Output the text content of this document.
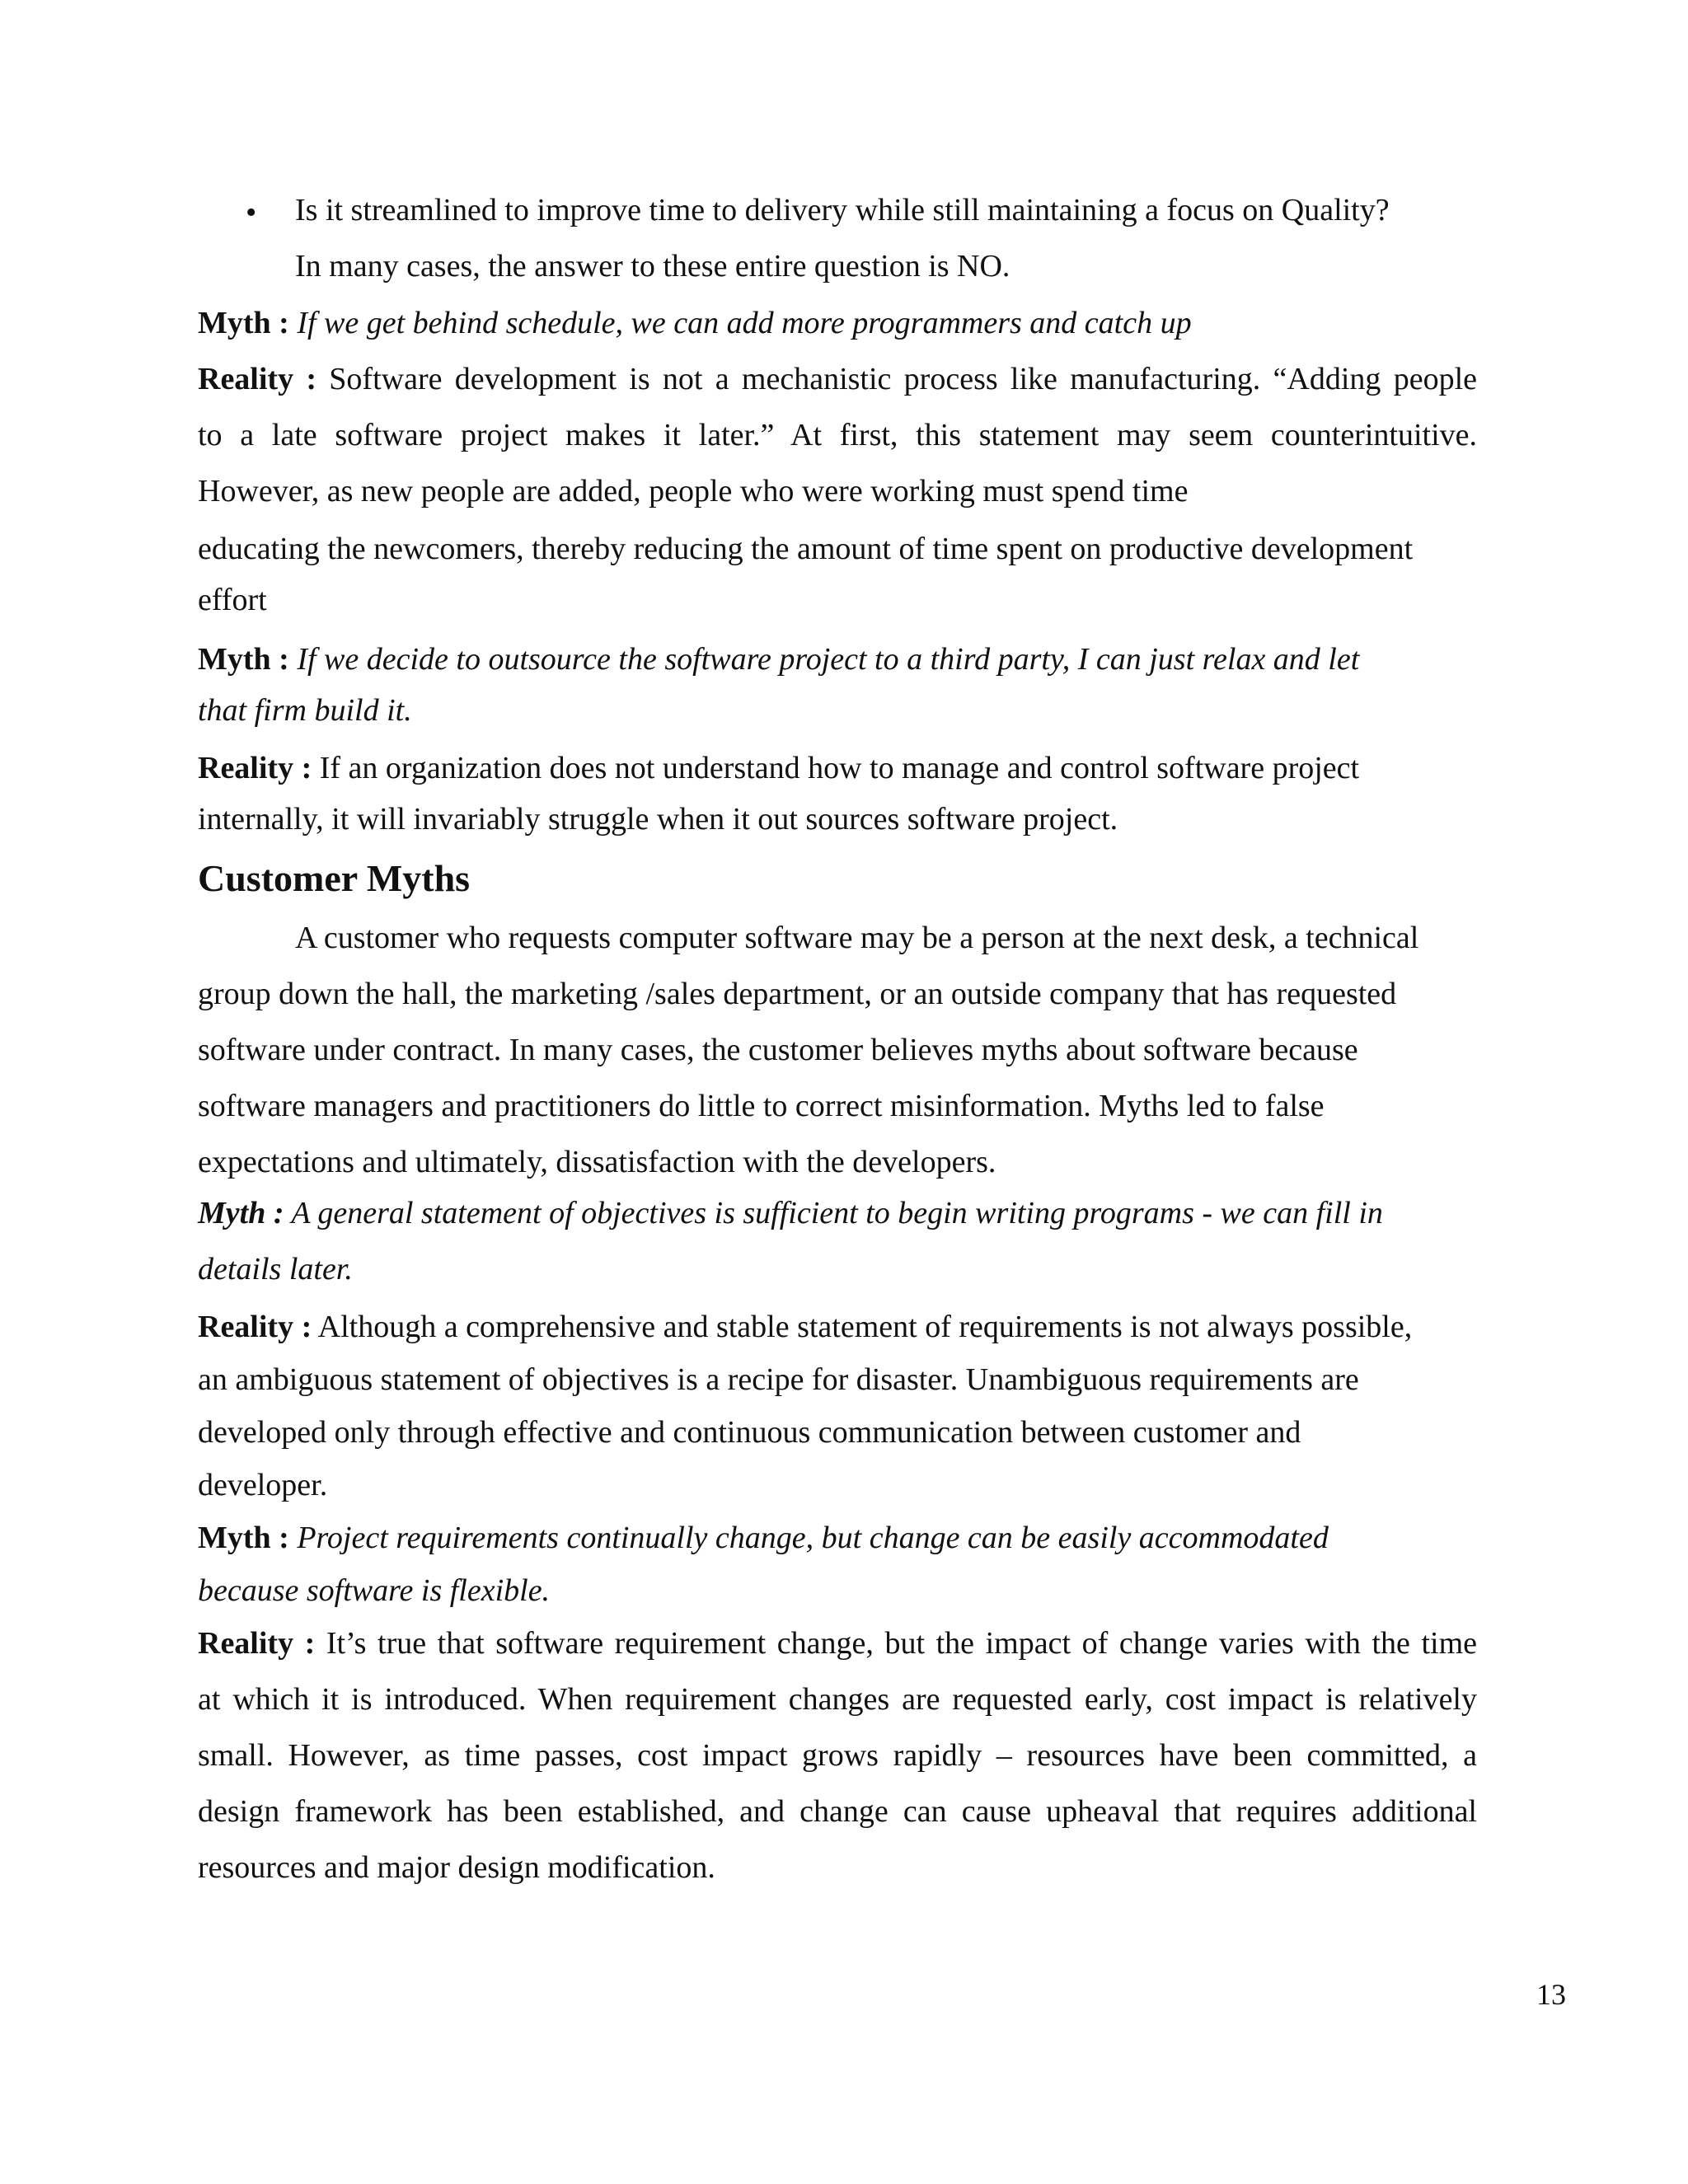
• Is it streamlined to improve time to delivery while still maintaining a focus on Quality?
In many cases, the answer to these entire question is NO.
Myth : If we get behind schedule, we can add more programmers and catch up
Reality : Software development is not a mechanistic process like manufacturing. “Adding people
to a late software project makes it later.” At first, this statement may seem counterintuitive.
However, as new people are added, people who were working must spend time
educating the newcomers, thereby reducing the amount of time spent on productive development
effort
Myth : If we decide to outsource the software project to a third party, I can just relax and let
that firm build it.
Reality : If an organization does not understand how to manage and control software project
internally, it will invariably struggle when it out sources software project.
Customer Myths
A customer who requests computer software may be a person at the next desk, a technical
group down the hall, the marketing /sales department, or an outside company that has requested
software under contract. In many cases, the customer believes myths about software because
software managers and practitioners do little to correct misinformation. Myths led to false
expectations and ultimately, dissatisfaction with the developers.
Myth : A general statement of objectives is sufficient to begin writing programs - we can fill in
details later.
Reality : Although a comprehensive and stable statement of requirements is not always possible,
an ambiguous statement of objectives is a recipe for disaster. Unambiguous requirements are
developed only through effective and continuous communication between customer and
developer.
Myth : Project requirements continually change, but change can be easily accommodated
because software is flexible.
Reality : It’s true that software requirement change, but the impact of change varies with the time
at which it is introduced. When requirement changes are requested early, cost impact is relatively
small. However, as time passes, cost impact grows rapidly – resources have been committed, a
design framework has been established, and change can cause upheaval that requires additional
resources and major design modification.
13
